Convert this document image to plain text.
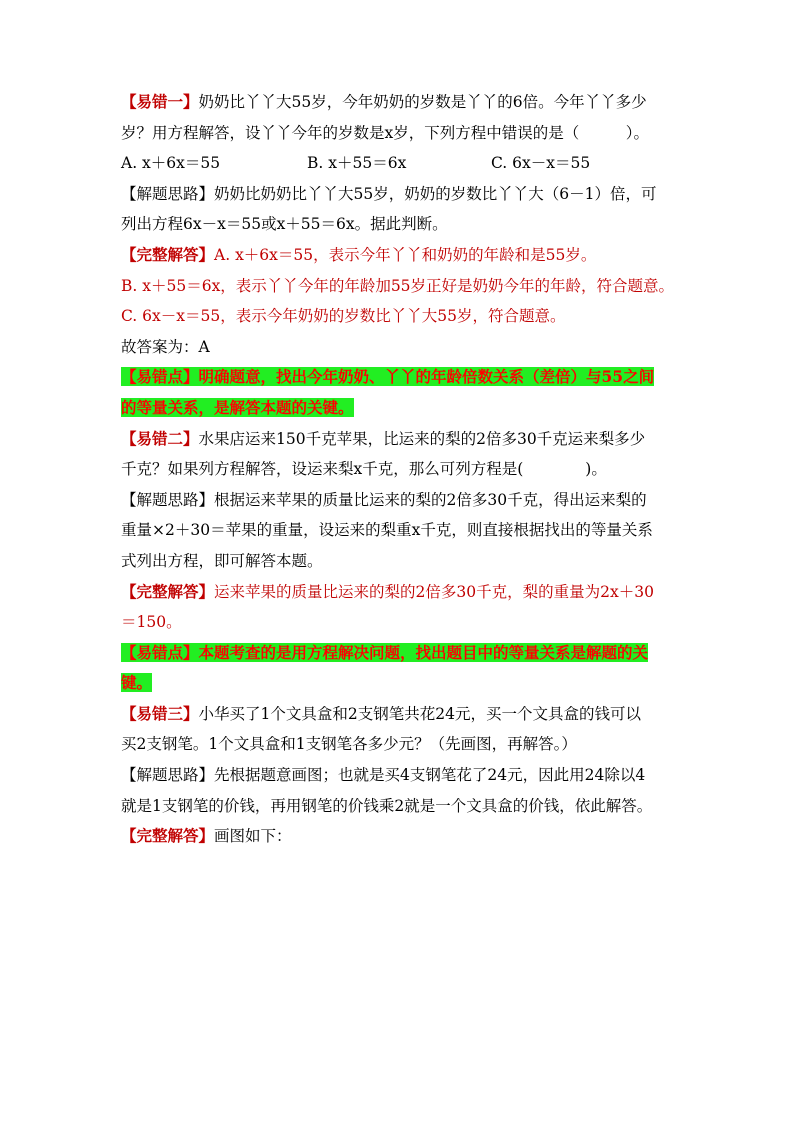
【易错一】奶奶比丫丫大55岁，今年奶奶的岁数是丫丫的6倍。今年丫丫多少
岁？用方程解答，设丫丫今年的岁数是x岁，下列方程中错误的是（　　　）。
A. x＋6x＝55	B. x＋55＝6x	C. 6x－x＝55
【解题思路】奶奶比奶奶比丫丫大55岁，奶奶的岁数比丫丫大（6－1）倍，可
列出方程6x－x＝55或x＋55＝6x。据此判断。
【完整解答】A. x＋6x＝55，表示今年丫丫和奶奶的年龄和是55岁。
B. x＋55＝6x，表示丫丫今年的年龄加55岁正好是奶奶今年的年龄，符合题意。
C. 6x－x＝55，表示今年奶奶的岁数比丫丫大55岁，符合题意。
故答案为：A
【易错点】明确题意，找出今年奶奶、丫丫的年龄倍数关系（差倍）与55之间
的等量关系，是解答本题的关键。
【易错二】水果店运来150千克苹果，比运来的梨的2倍多30千克运来梨多少
千克？如果列方程解答，设运来梨x千克，那么可列方程是(　　　　)。
【解题思路】根据运来苹果的质量比运来的梨的2倍多30千克，得出运来梨的
重量×2＋30＝苹果的重量，设运来的梨重x千克，则直接根据找出的等量关系
式列出方程，即可解答本题。
【完整解答】运来苹果的质量比运来的梨的2倍多30千克，梨的重量为2x＋30
＝150。
【易错点】本题考查的是用方程解决问题，找出题目中的等量关系是解题的关
键。
【易错三】小华买了1个文具盒和2支钢笔共花24元，买一个文具盒的钱可以
买2支钢笔。1个文具盒和1支钢笔各多少元？（先画图，再解答。）
【解题思路】先根据题意画图；也就是买4支钢笔花了24元，因此用24除以4
就是1支钢笔的价钱，再用钢笔的价钱乘2就是一个文具盒的价钱，依此解答。
【完整解答】画图如下：
